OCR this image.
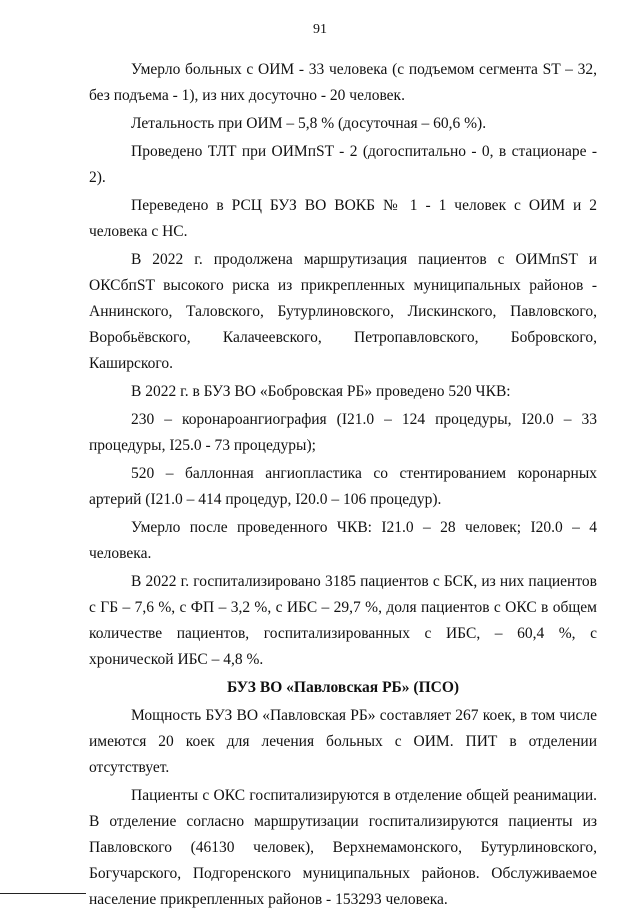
91

Умерло больных с ОИМ - 33 человека (с подъемом сегмента ST – 32, без подъема - 1), из них досуточно - 20 человек.

Летальность при ОИМ – 5,8 % (досуточная – 60,6 %).

Проведено ТЛТ при ОИМпST - 2 (догоспитально - 0, в стационаре - 2).

Переведено в РСЦ БУЗ ВО ВОКБ № 1 - 1 человек с ОИМ и 2 человека с НС.

В 2022 г. продолжена маршрутизация пациентов с ОИМпST и ОКСбпST высокого риска из прикрепленных муниципальных районов - Аннинского, Таловского, Бутурлиновского, Лискинского, Павловского, Воробьёвского, Калачеевского, Петропавловского, Бобровского, Каширского.

В 2022 г. в БУЗ ВО «Бобровская РБ» проведено 520 ЧКВ:

230 – коронароангиография (I21.0 – 124 процедуры, I20.0 – 33 процедуры, I25.0 - 73 процедуры);

520 – баллонная ангиопластика со стентированием коронарных артерий (I21.0 – 414 процедур, I20.0 – 106 процедур).

Умерло после проведенного ЧКВ: I21.0 – 28 человек; I20.0 – 4 человека.

В 2022 г. госпитализировано 3185 пациентов с БСК, из них пациентов с ГБ – 7,6 %, с ФП – 3,2 %, с ИБС – 29,7 %, доля пациентов с ОКС в общем количестве пациентов, госпитализированных с ИБС, – 60,4 %, с хронической ИБС – 4,8 %.

БУЗ ВО «Павловская РБ» (ПСО)

Мощность БУЗ ВО «Павловская РБ» составляет 267 коек, в том числе имеются 20 коек для лечения больных с ОИМ. ПИТ в отделении отсутствует.

Пациенты с ОКС госпитализируются в отделение общей реанимации. В отделение согласно маршрутизации госпитализируются пациенты из Павловского (46130 человек), Верхнемамонского, Бутурлиновского, Богучарского, Подгоренского муниципальных районов. Обслуживаемое население прикрепленных районов - 153293 человека.
